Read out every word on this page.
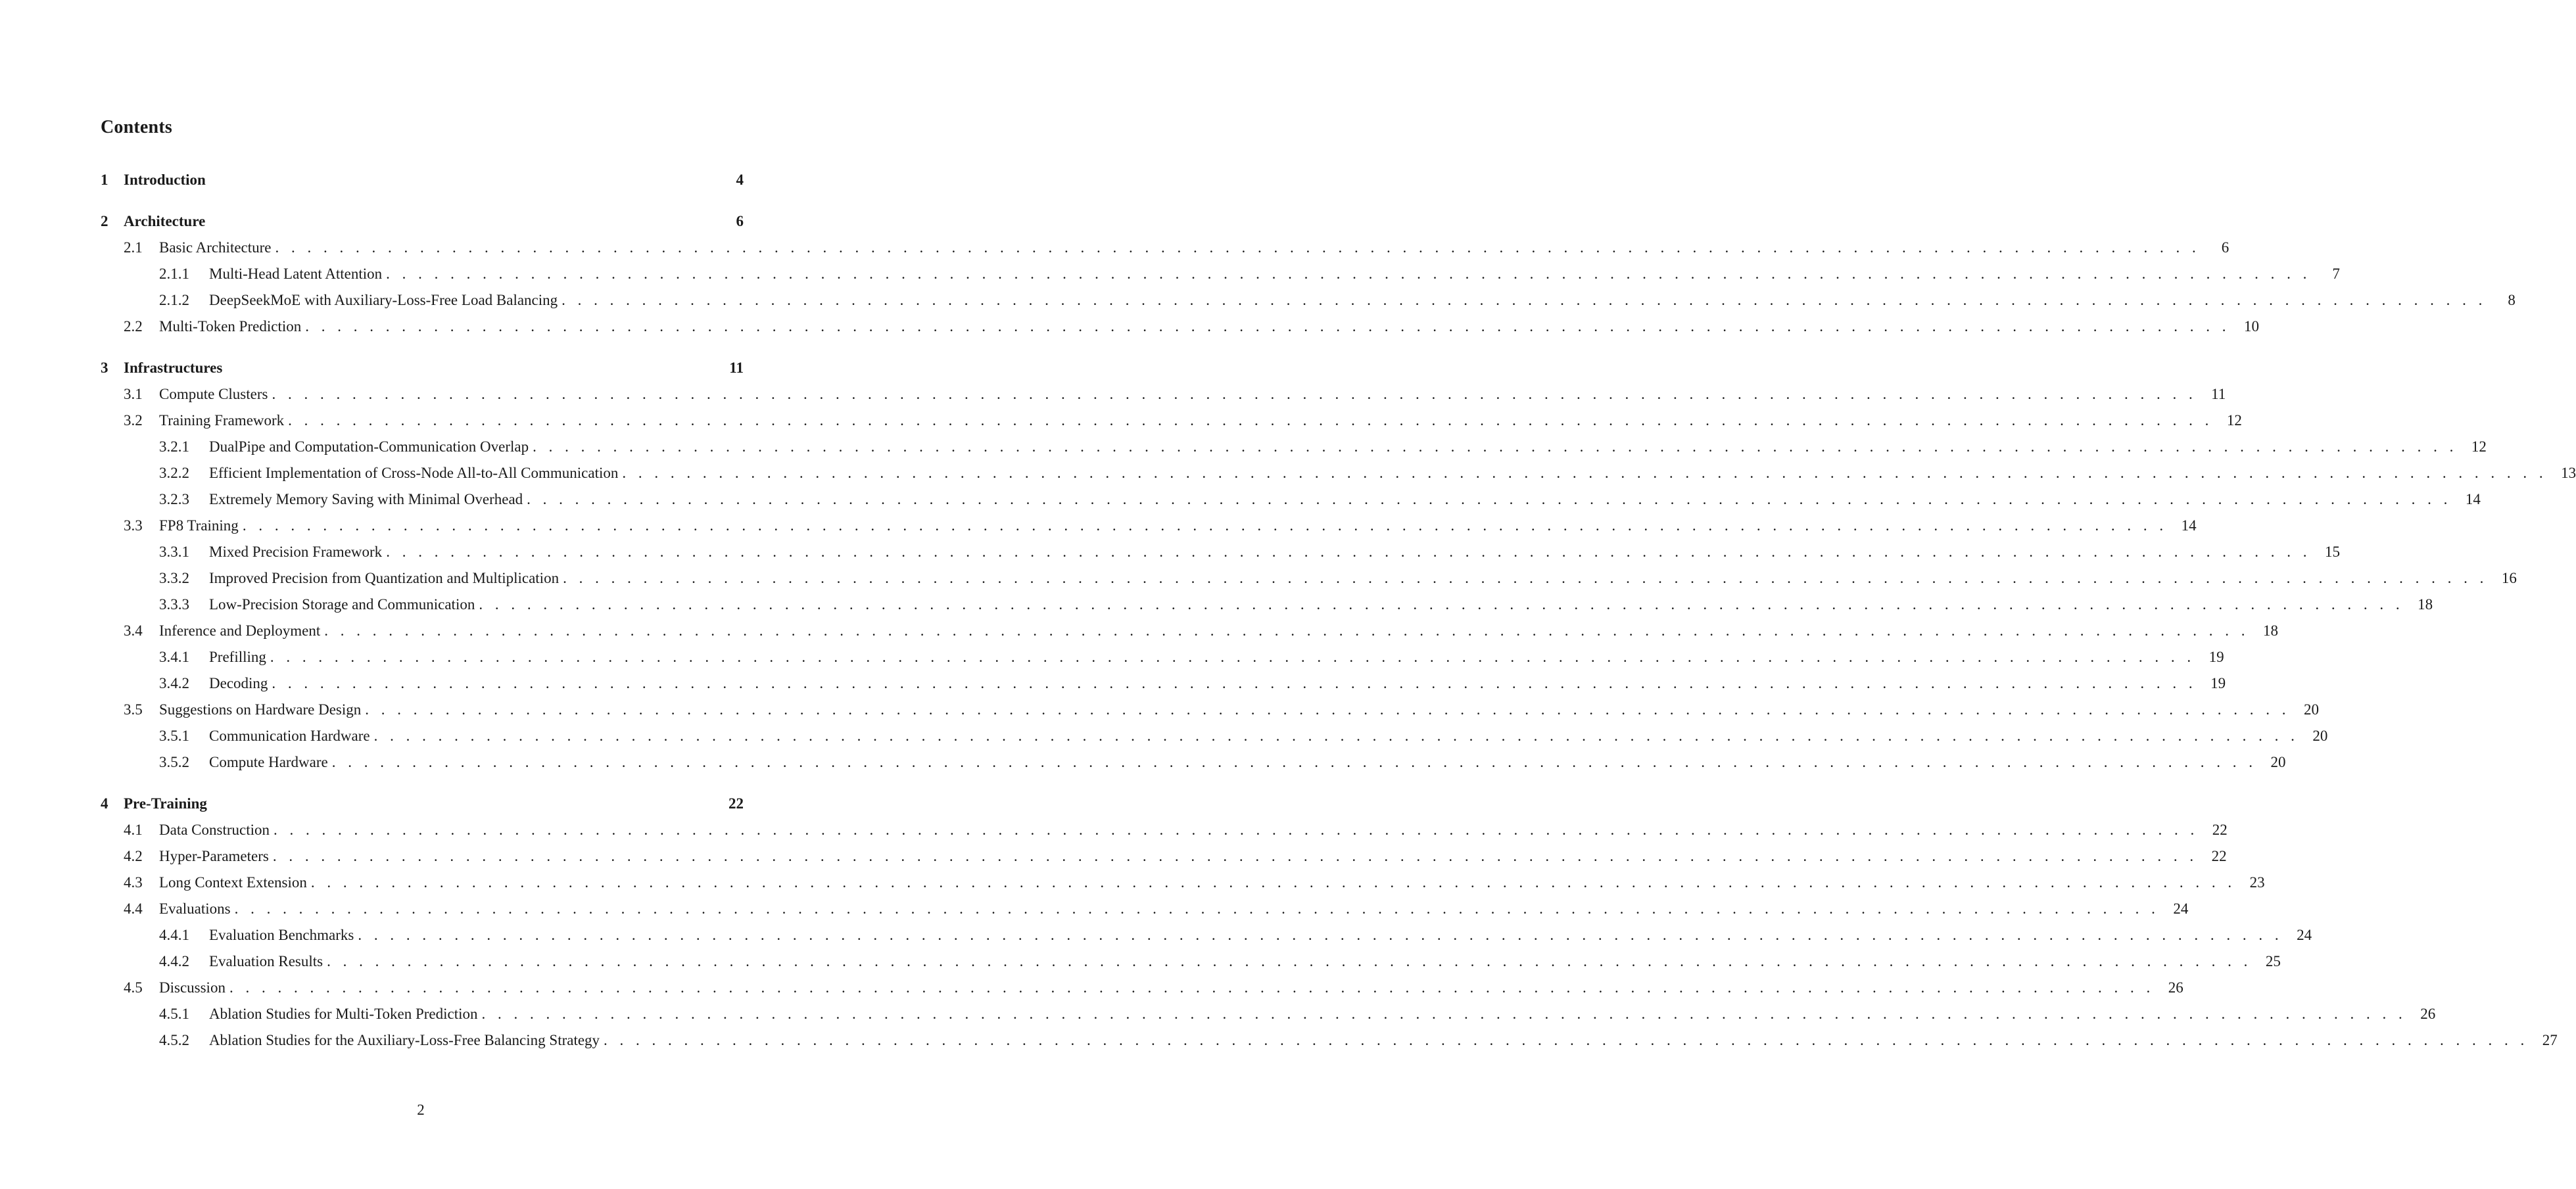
Contents
1	Introduction	4
2	Architecture	6
2.1	Basic Architecture . . . . . . . . . . . . . . . . . . . . . . . . . . . . . . . . . . . . . . . . . . . . . . . . . . . . . . . . . . . . . . . . . . . . . . . . . . . . . . . . . . . . . . . . . . . . . . . . . . . . . . . . . . . . . . . . . . . . . . . .	6
2.1.1	Multi-Head Latent Attention . . . . . . . . . . . . . . . . . . . . . . . . . . . . . . . . . . . . . . . . . . . . . . . . . . . . . . . . . . . . . . . . . . . . . . . . . . . . . . . . . . . . . . . . . . . . . . . . . . . . . . . . . . . . . . . . . . . . . . . .	7
2.1.2	DeepSeekMoE with Auxiliary-Loss-Free Load Balancing . . . . . . . . . . . . . . . . . . . . . . . . . . . . . . . . . . . . . . . . . . . . . . . . . . . . . . . . . . . . . . . . . . . . . . . . . . . . . . . . . . . . . . . . . . . . . . . . . . . . . . . . . . . . . . . . . . . . . . . .	8
2.2	Multi-Token Prediction . . . . . . . . . . . . . . . . . . . . . . . . . . . . . . . . . . . . . . . . . . . . . . . . . . . . . . . . . . . . . . . . . . . . . . . . . . . . . . . . . . . . . . . . . . . . . . . . . . . . . . . . . . . . . . . . . . . . . . . . 10
3	Infrastructures	11
3.1	Compute Clusters . . . . . . . . . . . . . . . . . . . . . . . . . . . . . . . . . . . . . . . . . . . . . . . . . . . . . . . . . . . . . . . . . . . . . . . . . . . . . . . . . . . . . . . . . . . . . . . . . . . . . . . . . . . . . . . . . . . . . . . . 11
3.2	Training Framework . . . . . . . . . . . . . . . . . . . . . . . . . . . . . . . . . . . . . . . . . . . . . . . . . . . . . . . . . . . . . . . . . . . . . . . . . . . . . . . . . . . . . . . . . . . . . . . . . . . . . . . . . . . . . . . . . . . . . . . . 12
3.2.1	DualPipe and Computation-Communication Overlap . . . . . . . . . . . . . . . . . . . . . . . . . . . . . . . . . . . . . . . . . . . . . . . . . . . . . . . . . . . . . . . . . . . . . . . . . . . . . . . . . . . . . . . . . . . . . . . . . . . . . . . . . . . . . . . . . . . . . . . . 12
3.2.2	Efficient Implementation of Cross-Node All-to-All Communication . . . . . . . . . . . . . . . . . . . . . . . . . . . . . . . . . . . . . . . . . . . . . . . . . . . . . . . . . . . . . . . . . . . . . . . . . . . . . . . . . . . . . . . . . . . . . . . . . . . . . . . . . . . . . . . . . . . . . . . . 13
3.2.3	Extremely Memory Saving with Minimal Overhead . . . . . . . . . . . . . . . . . . . . . . . . . . . . . . . . . . . . . . . . . . . . . . . . . . . . . . . . . . . . . . . . . . . . . . . . . . . . . . . . . . . . . . . . . . . . . . . . . . . . . . . . . . . . . . . . . . . . . . . . 14
3.3	FP8 Training . . . . . . . . . . . . . . . . . . . . . . . . . . . . . . . . . . . . . . . . . . . . . . . . . . . . . . . . . . . . . . . . . . . . . . . . . . . . . . . . . . . . . . . . . . . . . . . . . . . . . . . . . . . . . . . . . . . . . . . . 14
3.3.1	Mixed Precision Framework . . . . . . . . . . . . . . . . . . . . . . . . . . . . . . . . . . . . . . . . . . . . . . . . . . . . . . . . . . . . . . . . . . . . . . . . . . . . . . . . . . . . . . . . . . . . . . . . . . . . . . . . . . . . . . . . . . . . . . . . 15
3.3.2	Improved Precision from Quantization and Multiplication . . . . . . . . . . . . . . . . . . . . . . . . . . . . . . . . . . . . . . . . . . . . . . . . . . . . . . . . . . . . . . . . . . . . . . . . . . . . . . . . . . . . . . . . . . . . . . . . . . . . . . . . . . . . . . . . . . . . . . . . 16
3.3.3	Low-Precision Storage and Communication . . . . . . . . . . . . . . . . . . . . . . . . . . . . . . . . . . . . . . . . . . . . . . . . . . . . . . . . . . . . . . . . . . . . . . . . . . . . . . . . . . . . . . . . . . . . . . . . . . . . . . . . . . . . . . . . . . . . . . . . 18
3.4	Inference and Deployment . . . . . . . . . . . . . . . . . . . . . . . . . . . . . . . . . . . . . . . . . . . . . . . . . . . . . . . . . . . . . . . . . . . . . . . . . . . . . . . . . . . . . . . . . . . . . . . . . . . . . . . . . . . . . . . . . . . . . . . . 18
3.4.1	Prefilling . . . . . . . . . . . . . . . . . . . . . . . . . . . . . . . . . . . . . . . . . . . . . . . . . . . . . . . . . . . . . . . . . . . . . . . . . . . . . . . . . . . . . . . . . . . . . . . . . . . . . . . . . . . . . . . . . . . . . . . . 19
3.4.2	Decoding . . . . . . . . . . . . . . . . . . . . . . . . . . . . . . . . . . . . . . . . . . . . . . . . . . . . . . . . . . . . . . . . . . . . . . . . . . . . . . . . . . . . . . . . . . . . . . . . . . . . . . . . . . . . . . . . . . . . . . . . 19
3.5	Suggestions on Hardware Design . . . . . . . . . . . . . . . . . . . . . . . . . . . . . . . . . . . . . . . . . . . . . . . . . . . . . . . . . . . . . . . . . . . . . . . . . . . . . . . . . . . . . . . . . . . . . . . . . . . . . . . . . . . . . . . . . . . . . . . . 20
3.5.1	Communication Hardware . . . . . . . . . . . . . . . . . . . . . . . . . . . . . . . . . . . . . . . . . . . . . . . . . . . . . . . . . . . . . . . . . . . . . . . . . . . . . . . . . . . . . . . . . . . . . . . . . . . . . . . . . . . . . . . . . . . . . . . . 20
3.5.2	Compute Hardware . . . . . . . . . . . . . . . . . . . . . . . . . . . . . . . . . . . . . . . . . . . . . . . . . . . . . . . . . . . . . . . . . . . . . . . . . . . . . . . . . . . . . . . . . . . . . . . . . . . . . . . . . . . . . . . . . . . . . . . . 20
4	Pre-Training	22
4.1	Data Construction . . . . . . . . . . . . . . . . . . . . . . . . . . . . . . . . . . . . . . . . . . . . . . . . . . . . . . . . . . . . . . . . . . . . . . . . . . . . . . . . . . . . . . . . . . . . . . . . . . . . . . . . . . . . . . . . . . . . . . . . 22
4.2	Hyper-Parameters . . . . . . . . . . . . . . . . . . . . . . . . . . . . . . . . . . . . . . . . . . . . . . . . . . . . . . . . . . . . . . . . . . . . . . . . . . . . . . . . . . . . . . . . . . . . . . . . . . . . . . . . . . . . . . . . . . . . . . . . 22
4.3	Long Context Extension . . . . . . . . . . . . . . . . . . . . . . . . . . . . . . . . . . . . . . . . . . . . . . . . . . . . . . . . . . . . . . . . . . . . . . . . . . . . . . . . . . . . . . . . . . . . . . . . . . . . . . . . . . . . . . . . . . . . . . . . 23
4.4	Evaluations . . . . . . . . . . . . . . . . . . . . . . . . . . . . . . . . . . . . . . . . . . . . . . . . . . . . . . . . . . . . . . . . . . . . . . . . . . . . . . . . . . . . . . . . . . . . . . . . . . . . . . . . . . . . . . . . . . . . . . . . 24
4.4.1	Evaluation Benchmarks . . . . . . . . . . . . . . . . . . . . . . . . . . . . . . . . . . . . . . . . . . . . . . . . . . . . . . . . . . . . . . . . . . . . . . . . . . . . . . . . . . . . . . . . . . . . . . . . . . . . . . . . . . . . . . . . . . . . . . . . 24
4.4.2	Evaluation Results . . . . . . . . . . . . . . . . . . . . . . . . . . . . . . . . . . . . . . . . . . . . . . . . . . . . . . . . . . . . . . . . . . . . . . . . . . . . . . . . . . . . . . . . . . . . . . . . . . . . . . . . . . . . . . . . . . . . . . . . 25
4.5	Discussion . . . . . . . . . . . . . . . . . . . . . . . . . . . . . . . . . . . . . . . . . . . . . . . . . . . . . . . . . . . . . . . . . . . . . . . . . . . . . . . . . . . . . . . . . . . . . . . . . . . . . . . . . . . . . . . . . . . . . . . . 26
4.5.1	Ablation Studies for Multi-Token Prediction . . . . . . . . . . . . . . . . . . . . . . . . . . . . . . . . . . . . . . . . . . . . . . . . . . . . . . . . . . . . . . . . . . . . . . . . . . . . . . . . . . . . . . . . . . . . . . . . . . . . . . . . . . . . . . . . . . . . . . . . 26
4.5.2	Ablation Studies for the Auxiliary-Loss-Free Balancing Strategy . . . . . . . . . . . . . . . . . . . . . . . . . . . . . . . . . . . . . . . . . . . . . . . . . . . . . . . . . . . . . . . . . . . . . . . . . . . . . . . . . . . . . . . . . . . . . . . . . . . . . . . . . . . . . . . . . . . . . . . . 27
2
